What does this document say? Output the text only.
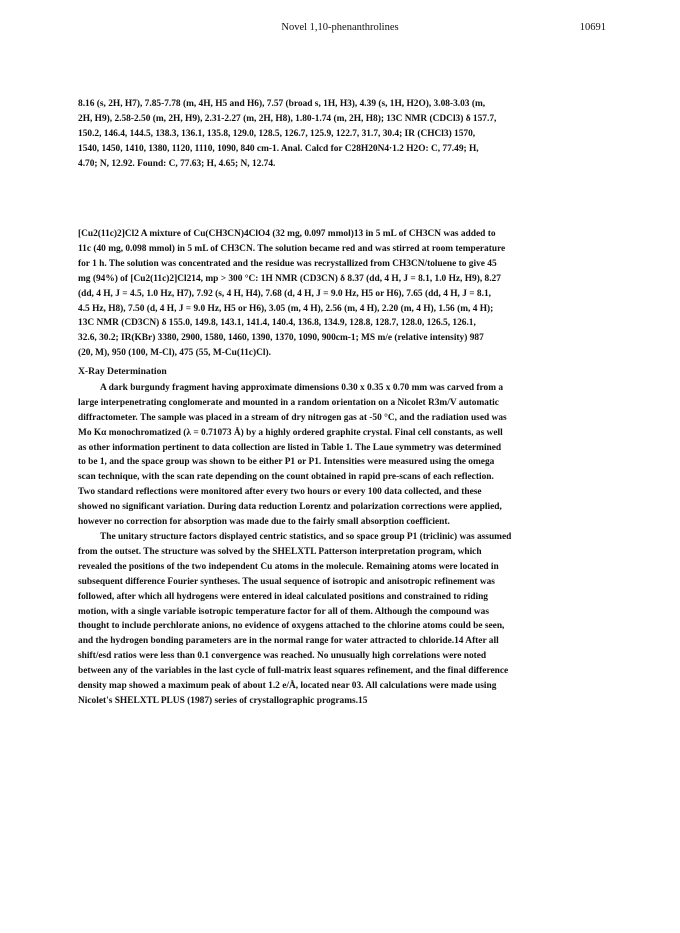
Novel 1,10-phenanthrolines	10691
8.16 (s, 2H, H7), 7.85-7.78 (m, 4H, H5 and H6), 7.57 (broad s, 1H, H3), 4.39 (s, 1H, H2O), 3.08-3.03 (m,
2H, H9), 2.58-2.50 (m, 2H, H9), 2.31-2.27 (m, 2H, H8), 1.80-1.74 (m, 2H, H8); 13C NMR (CDCl3) δ 157.7,
150.2, 146.4, 144.5, 138.3, 136.1, 135.8, 129.0, 128.5, 126.7, 125.9, 122.7, 31.7, 30.4; IR (CHCl3) 1570,
1540, 1450, 1410, 1380, 1120, 1110, 1090, 840 cm-1. Anal. Calcd for C28H20N4·1.2 H2O: C, 77.49; H,
4.70; N, 12.92. Found: C, 77.63; H, 4.65; N, 12.74.
[Cu2(11c)2]Cl2 A mixture of Cu(CH3CN)4ClO4 (32 mg, 0.097 mmol)13 in 5 mL of CH3CN was added to
11c (40 mg, 0.098 mmol) in 5 mL of CH3CN. The solution became red and was stirred at room temperature
for 1 h. The solution was concentrated and the residue was recrystallized from CH3CN/toluene to give 45
mg (94%) of [Cu2(11c)2]Cl214, mp > 300 °C: 1H NMR (CD3CN) δ 8.37 (dd, 4 H, J = 8.1, 1.0 Hz, H9), 8.27
(dd, 4 H, J = 4.5, 1.0 Hz, H7), 7.92 (s, 4 H, H4), 7.68 (d, 4 H, J = 9.0 Hz, H5 or H6), 7.65 (dd, 4 H, J = 8.1,
4.5 Hz, H8), 7.50 (d, 4 H, J = 9.0 Hz, H5 or H6), 3.05 (m, 4 H), 2.56 (m, 4 H), 2.20 (m, 4 H), 1.56 (m, 4 H);
13C NMR (CD3CN) δ 155.0, 149.8, 143.1, 141.4, 140.4, 136.8, 134.9, 128.8, 128.7, 128.0, 126.5, 126.1,
32.6, 30.2; IR(KBr) 3380, 2900, 1580, 1460, 1390, 1370, 1090, 900cm-1; MS m/e (relative intensity) 987
(20, M), 950 (100, M-Cl), 475 (55, M-Cu(11c)Cl).
X-Ray Determination
A dark burgundy fragment having approximate dimensions 0.30 x 0.35 x 0.70 mm was carved from a
large interpenetrating conglomerate and mounted in a random orientation on a Nicolet R3m/V automatic
diffractometer. The sample was placed in a stream of dry nitrogen gas at -50 °C, and the radiation used was
Mo Kα monochromatized (λ = 0.71073 Å) by a highly ordered graphite crystal. Final cell constants, as well
as other information pertinent to data collection are listed in Table 1. The Laue symmetry was determined
to be 1, and the space group was shown to be either P1 or P1. Intensities were measured using the omega
scan technique, with the scan rate depending on the count obtained in rapid pre-scans of each reflection.
Two standard reflections were monitored after every two hours or every 100 data collected, and these
showed no significant variation. During data reduction Lorentz and polarization corrections were applied,
however no correction for absorption was made due to the fairly small absorption coefficient.
The unitary structure factors displayed centric statistics, and so space group P1 (triclinic) was assumed
from the outset. The structure was solved by the SHELXTL Patterson interpretation program, which
revealed the positions of the two independent Cu atoms in the molecule. Remaining atoms were located in
subsequent difference Fourier syntheses. The usual sequence of isotropic and anisotropic refinement was
followed, after which all hydrogens were entered in ideal calculated positions and constrained to riding
motion, with a single variable isotropic temperature factor for all of them. Although the compound was
thought to include perchlorate anions, no evidence of oxygens attached to the chlorine atoms could be seen,
and the hydrogen bonding parameters are in the normal range for water attracted to chloride.14 After all
shift/esd ratios were less than 0.1 convergence was reached. No unusually high correlations were noted
between any of the variables in the last cycle of full-matrix least squares refinement, and the final difference
density map showed a maximum peak of about 1.2 e/Å, located near 03. All calculations were made using
Nicolet's SHELXTL PLUS (1987) series of crystallographic programs.15
